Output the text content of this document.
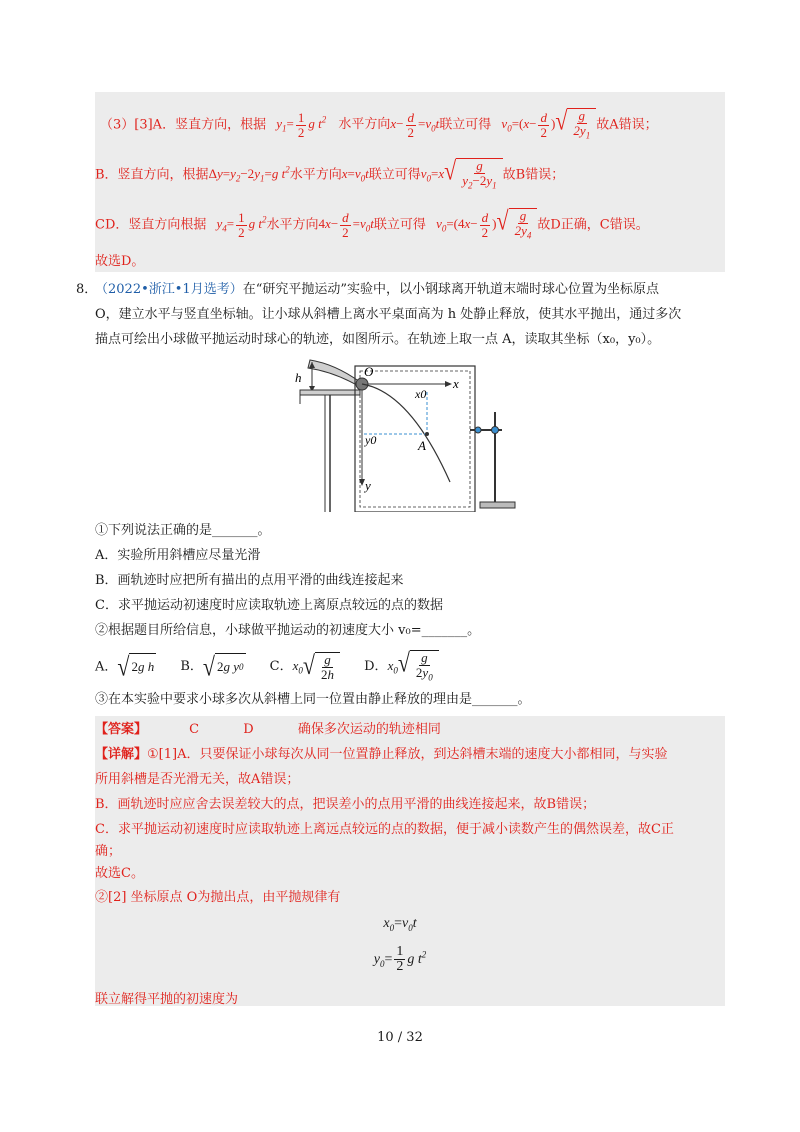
（3）[3]A．竖直方向，根据 $y_1= \frac{1}{2}$ g $t^2$ 水平方向$x- \frac{d}{2} =v_0t$联立可得 $v_0=(x- \frac{d}{2}$ ) √ $\frac{g}{2y_1}$ 故A错误；
B．竖直方向，根据$\Delta y=y_2-2y_1=g$ $t^2$水平方向$x=v_0t$联立可得$v_0=x$ √ $\frac{g}{y_2-2y_1}$ 故B错误；
CD．竖直方向根据 $y_4= \frac{1}{2}$ g $t^2$水平方向$4x- \frac{d}{2} =v_0t$联立可得 $v_0=(4x- \frac{d}{2}$ ) √ $\frac{g}{2y_4}$ 故D正确，C错误。
故选D。
8．
（2022•浙江•1月选考）在“研究平抛运动”实验中，以小钢球离开轨道末端时球心位置为坐标原点
O，建立水平与竖直坐标轴。让小球从斜槽上离水平桌面高为 h 处静止释放，使其水平抛出，通过多次
描点可绘出小球做平抛运动时球心的轨迹，如图所示。在轨迹上取一点 A，读取其坐标（x₀，y₀）。
h	O
x
y
x0
y0	A
①下列说法正确的是_______。
A．实验所用斜槽应尽量光滑
B．画轨迹时应把所有描出的点用平滑的曲线连接起来
C．求平抛运动初速度时应读取轨迹上离原点较远的点的数据
②根据题目所给信息，小球做平抛运动的初速度大小 v₀=_______。
A． √ 2 g h B． √ 2 g y 0 C．$x_0$ √ $\frac{g}{2h}$ D．$x_0$ √ $\frac{g}{2y_0}$
③在本实验中要求小球多次从斜槽上同一位置由静止释放的理由是_______。
【答案】	C	D	确保多次运动的轨迹相同
【详解】①[1]A．只要保证小球每次从同一位置静止释放，到达斜槽末端的速度大小都相同，与实验
所用斜槽是否光滑无关，故A错误；
B．画轨迹时应应舍去误差较大的点，把误差小的点用平滑的曲线连接起来，故B错误；
C．求平抛运动初速度时应读取轨迹上离远点较远的点的数据，便于减小读数产生的偶然误差，故C正
确；
故选C。
②[2] 坐标原点 O为抛出点，由平抛规律有
$x_0=v_0t$
$y_0= \frac{1}{2}$ g $t^2$
联立解得平抛的初速度为
10 / 32
